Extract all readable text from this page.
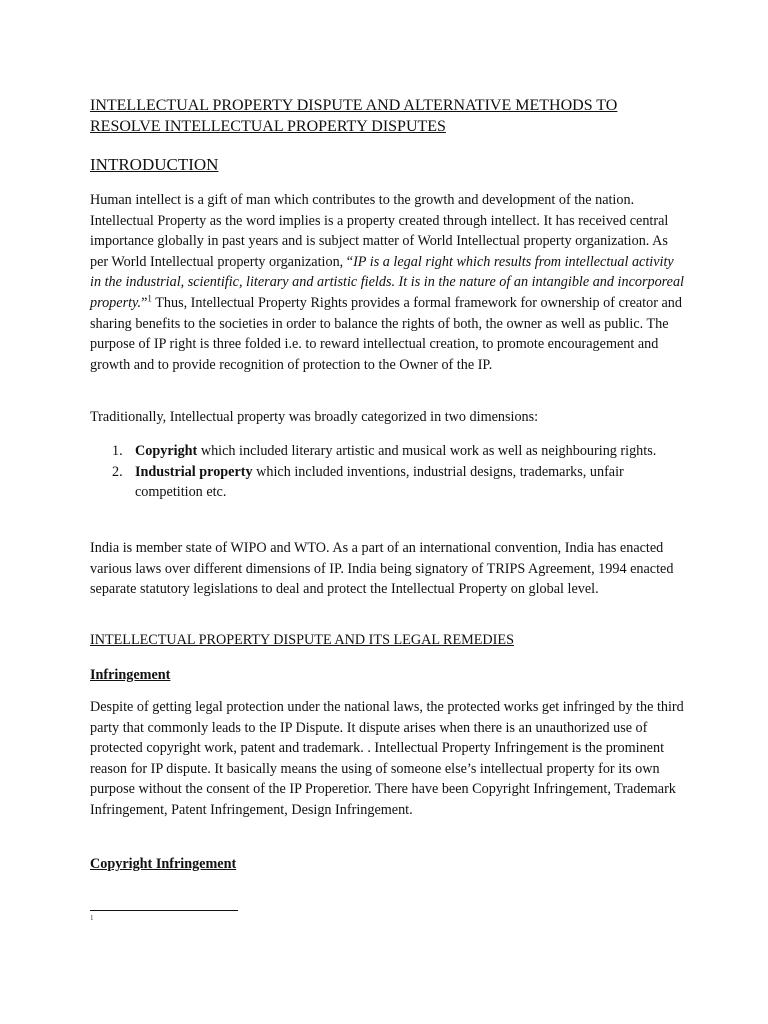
INTELLECTUAL PROPERTY DISPUTE AND ALTERNATIVE METHODS TO RESOLVE INTELLECTUAL PROPERTY DISPUTES
INTRODUCTION

Human intellect is a gift of man which contributes to the growth and development of the nation. Intellectual Property as the word implies is a property created through intellect. It has received central importance globally in past years and is subject matter of World Intellectual property organization. As per World Intellectual property organization, “IP is a legal right which results from intellectual activity in the industrial, scientific, literary and artistic fields. It is in the nature of an intangible and incorporeal property.”$^1$ Thus, Intellectual Property Rights provides a formal framework for ownership of creator and sharing benefits to the societies in order to balance the rights of both, the owner as well as public. The purpose of IP right is three folded i.e. to reward intellectual creation, to promote encouragement and growth and to provide recognition of protection to the Owner of the IP.

Traditionally, Intellectual property was broadly categorized in two dimensions:

1. Copyright which included literary artistic and musical work as well as neighbouring rights.
2. Industrial property which included inventions, industrial designs, trademarks, unfair competition etc.

India is member state of WIPO and WTO. As a part of an international convention, India has enacted various laws over different dimensions of IP. India being signatory of TRIPS Agreement, 1994 enacted separate statutory legislations to deal and protect the Intellectual Property on global level.

INTELLECTUAL PROPERTY DISPUTE AND ITS LEGAL REMEDIES
Infringement

Despite of getting legal protection under the national laws, the protected works get infringed by the third party that commonly leads to the IP Dispute. It dispute arises when there is an unauthorized use of protected copyright work, patent and trademark. . Intellectual Property Infringement is the prominent reason for IP dispute. It basically means the using of someone else’s intellectual property for its own purpose without the consent of the IP Properetior. There have been Copyright Infringement, Trademark Infringement, Patent Infringement, Design Infringement.

Copyright Infringement
1
